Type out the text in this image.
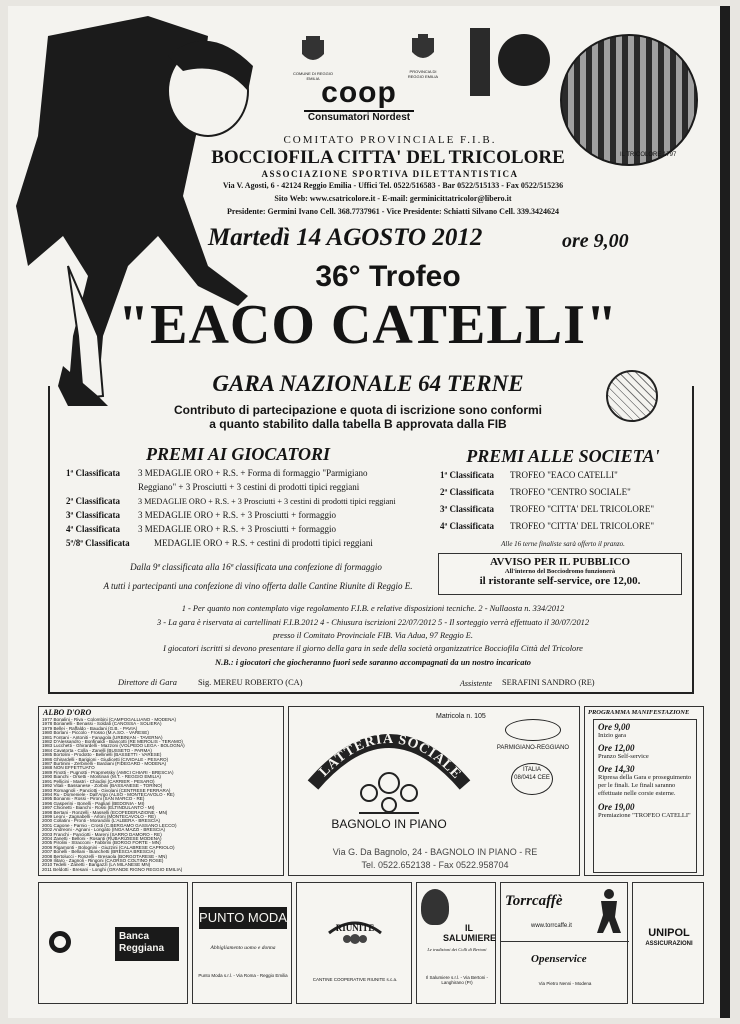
COMUNE DI REGGIO EMILIA
PROVINCIA DI REGGIO EMILIA
IL TRICOLORE 1797
coop
Consumatori Nordest
COMITATO PROVINCIALE F.I.B.
BOCCIOFILA CITTA' DEL TRICOLORE
ASSOCIAZIONE SPORTIVA DILETTANTISTICA
Via V. Agosti, 6 - 42124 Reggio Emilia - Uffici Tel. 0522/516583 - Bar 0522/515133 - Fax 0522/515236
Sito Web: www.csatricolore.it - E-mail: germinicittatricolor@libero.it
Presidente: Germini Ivano Cell. 368.7737961 - Vice Presidente: Schiatti Silvano Cell. 339.3424624
Martedì 14 AGOSTO 2012	ore 9,00
36° Trofeo
"EACO CATELLI"
GARA NAZIONALE 64 TERNE
Contributo di partecipazione e quota di iscrizione sono conformi
a quanto stabilito dalla tabella B approvata dalla FIB
PREMI AI GIOCATORI
1ª Classificata 3 MEDAGLIE ORO + R.S. + Forma di formaggio "Parmigiano
Reggiano" + 3 Prosciutti + 3 cestini di prodotti tipici reggiani
2ª Classificata 3 MEDAGLIE ORO + R.S. + 3 Prosciutti + 3 cestini di prodotti tipici reggiani
3ª Classificata 3 MEDAGLIE ORO + R.S. + 3 Prosciutti + formaggio
4ª Classificata 3 MEDAGLIE ORO + R.S. + 3 Prosciutti + formaggio
5ª/8ª Classificata	MEDAGLIE ORO + R.S. + cestini di prodotti tipici reggiani
Dalla 9ª classificata alla 16ª classificata una confezione di formaggio
A tutti i partecipanti una confezione di vino offerta dalle Cantine Riunite di Reggio E.
PREMI ALLE SOCIETA'
1ª Classificata TROFEO "EACO CATELLI"
2ª Classificata TROFEO "CENTRO SOCIALE"
3ª Classificata TROFEO "CITTA' DEL TRICOLORE"
4ª Classificata TROFEO "CITTA' DEL TRICOLORE"
Alle 16 terne finaliste sarà offerto il pranzo.
AVVISO PER IL PUBBLICO
All'interno del Bocciodromo funzionerà
il ristorante self-service, ore 12,00.
1 - Per quanto non contemplato vige regolamento F.I.B. e relative disposizioni tecniche. 2 - Nullaosta n. 334/2012
3 - La gara è riservata ai cartellinati F.I.B.2012 4 - Chiusura iscrizioni 22/07/2012 5 - Il sorteggio verrà effettuato il 30/07/2012
presso il Comitato Provinciale FIB. Via Adua, 97 Reggio E.
I giocatori iscritti si devono presentare il giorno della gara in sede della società organizzatrice Bocciofila Città del Tricolore
N.B.: i giocatori che giocheranno fuori sede saranno accompagnati da un nostro incaricato
Direttore di Gara	Sig. MEREU ROBERTO (CA)	Assistente SERAFINI SANDRO (RE)
ALBO D'ORO
1977 Bonalini - Riva - Colombini (CAMPOGALLIANO - MODENA)
1978 Borianelli - Benassi - Soldati (CANOSSA - SOLIERA)
1979 Bellei - Raffaldo - Baudani (G.B. - PAVIA)
1980 Borlani - Piccolo - Frosso (M.A.SO. - VARESE)
1981 Fontani - Antoniti - Fanagola (URBINIAN - TAVERNA)
1982 D'Alessandro - Bonfinaldi - Biancotti (RE MEROLIS - TERAMO)
1983 Lucchetti - Ghirardelli - Mazzoni (VOLPEDO LEGA - BOLOGNA)
1984 Cavatorta - Colla - Zanelli (BUSSETO - PARMA)
1985 Bortolini - Prodotto - Bellinelli (BASSETTI - VARESE)
1986 Ghirardelli - Barigioni - Giudicetti (CIVIDALE - PESARO)
1987 Burtinini - Zerbinelli - Bardiani (FIDEGARD - MODENA)
1988 NON EFFETTUATO
1989 Finotti - Pugnotti - Prapmetsky (AMICI CHIARI - BRESCIA)
1990 Bianchi - Orsetti - Montinari (M.T. - REGGIO EMILIA)
1991 Pellicini - Mastri - Chiodini (CARRIER - PESARO)
1992 Vitali - Bassanese - Zorbini (BASSANESE - TORINO)
1993 Romagnoli - Panciotti - Givolani (CENTRESE FERRARA)
1994 Ru - Domeniele - Dall'Argo (ALSO - MONTECAVOLO - RE)
1995 Bonanni - Rossi - Pironi (SAN MARCO - RE)
1996 Gasperini - Bonelli - Pagliari (BEDONIA - MI)
1997 Chionetti - Bianchi - Rossi (ELTINDULANTO - MI)
1998 Bertani - Ronzelli - Masselli (ECOFEDERAZIONE - MN)
1999 Leoni - Zagnabelli - Arloni (MONTECAVOLO - RE)
2000 Collatini - Pronti - Morandini (L'ALBERA - BRESCIA)
2001 Capone - Parnio - Crosti (C.BERGAMO GASSANO LECCO)
2002 Andreoni - Agnani - Longato (INGA MAZZI - BRESCIA)
2003 Franchi - Panciotti - Mareni (SARRO DAMORO - RE)
2004 Zanetti - Belloni - Rosanti (RUBAR/ZIESE MODENA)
2005 Pirolini - Stracconi - Fabbrini (BORGO FORTE - MN)
2006 Rigamonti - Bolognini - Giuzzini (CALABRESE CAPRIOLO)
2007 Bonelli - Bellani - Bianchetti (BRESCIA BRESCIA)
2008 Bertolucci - Ronzelli - Bresaola (BORGOTARESE - MN)
2009 Ilitaro - Zagnoli - Ringoni (CAORSO COLTINO ROSE)
2010 Tedelli - Zanetti - Barigazzi (LA MILANESE MN)
2011 Beldotti - Bresani - Longhi (GRANDE RIGNO REGGIO EMILIA)
Matricola n. 105
LATTERIA SOCIALE
PARMIGIANO-REGGIANO
ITALIA 08/0414 CEE
BAGNOLO IN PIANO
Via G. Da Bagnolo, 24 - BAGNOLO IN PIANO - RE
Tel. 0522.652138 - Fax 0522.958704
PROGRAMMA MANIFESTAZIONE
Ore 9,00
Inizio gara
Ore 12,00
Pranzo Self-service
Ore 14,30
Ripresa della Gara e proseguimento per le finali. Le finali saranno effettuate nelle corsie esterne.
Ore 19,00
Premiazione "TROFEO CATELLI"
Banca Reggiana
PUNTO MODA
Abbigliamento uomo e donna
Punto Moda s.r.l. - Via Roma - Reggio Emilia
RIUNITE
CANTINE COOPERATIVE RIUNITE s.c.a.
IL SALUMIERE
Le tradizioni dei Colli di Bertoni
Il Salumiere s.r.l. - Via Bertoni - Langhirano (Pr)
Torrcaffè
www.torrcaffe.it
Openservice
Via Pietro Nenni - Modena
UNIPOL
ASSICURAZIONI
